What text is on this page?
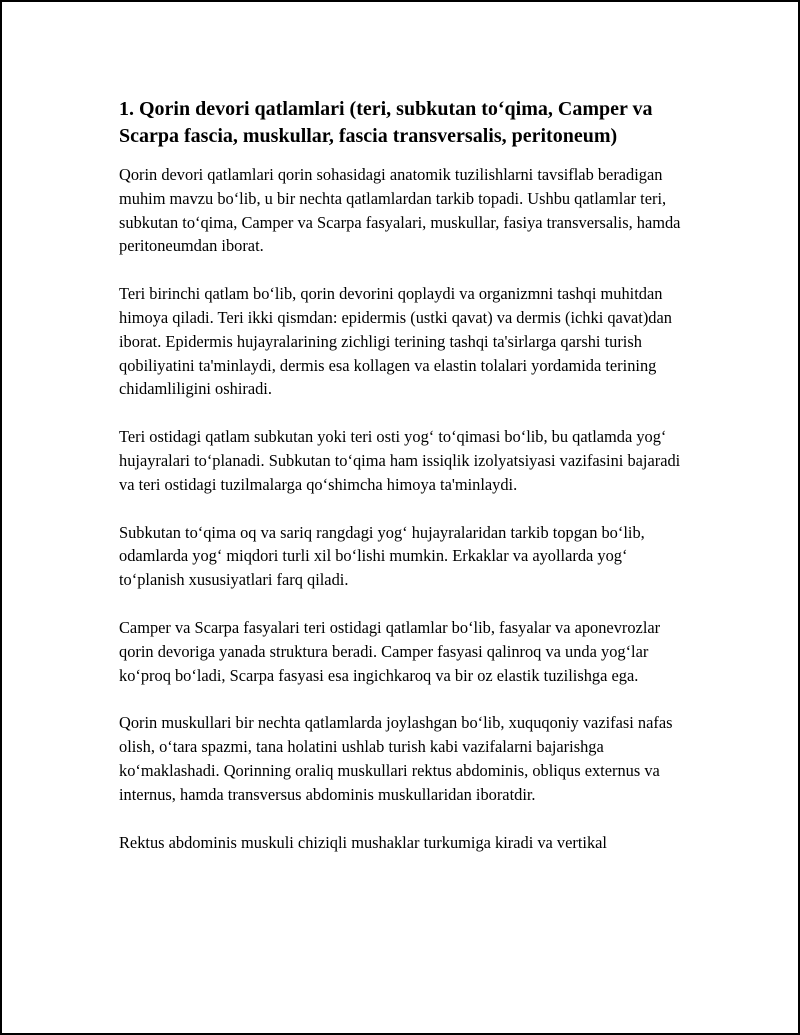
1. Qorin devori qatlamlari (teri, subkutan to‘qima, Camper va Scarpa fascia, muskullar, fascia transversalis, peritoneum)

Qorin devori qatlamlari qorin sohasidagi anatomik tuzilishlarni tavsiflab beradigan muhim mavzu bo‘lib, u bir nechta qatlamlardan tarkib topadi. Ushbu qatlamlar teri, subkutan to‘qima, Camper va Scarpa fasyalari, muskullar, fasiya transversalis, hamda peritoneumdan iborat.

Teri birinchi qatlam bo‘lib, qorin devorini qoplaydi va organizmni tashqi muhitdan himoya qiladi. Teri ikki qismdan: epidermis (ustki qavat) va dermis (ichki qavat)dan iborat. Epidermis hujayralarining zichligi terining tashqi ta'sirlarga qarshi turish qobiliyatini ta'minlaydi, dermis esa kollagen va elastin tolalari yordamida terining chidamliligini oshiradi.

Teri ostidagi qatlam subkutan yoki teri osti yog‘ to‘qimasi bo‘lib, bu qatlamda yog‘ hujayralari to‘planadi. Subkutan to‘qima ham issiqlik izolyatsiyasi vazifasini bajaradi va teri ostidagi tuzilmalarga qo‘shimcha himoya ta'minlaydi.

Subkutan to‘qima oq va sariq rangdagi yog‘ hujayralaridan tarkib topgan bo‘lib, odamlarda yog‘ miqdori turli xil bo‘lishi mumkin. Erkaklar va ayollarda yog‘ to‘planish xususiyatlari farq qiladi.

Camper va Scarpa fasyalari teri ostidagi qatlamlar bo‘lib, fasyalar va aponevrozlar qorin devoriga yanada struktura beradi. Camper fasyasi qalinroq va unda yog‘lar ko‘proq bo‘ladi, Scarpa fasyasi esa ingichkaroq va bir oz elastik tuzilishga ega.

Qorin muskullari bir nechta qatlamlarda joylashgan bo‘lib, xuquqoniy vazifasi nafas olish, o‘tara spazmi, tana holatini ushlab turish kabi vazifalarni bajarishga ko‘maklashadi. Qorinning oraliq muskullari rektus abdominis, obliqus externus va internus, hamda transversus abdominis muskullaridan iboratdir.

Rektus abdominis muskuli chiziqli mushaklar turkumiga kiradi va vertikal
